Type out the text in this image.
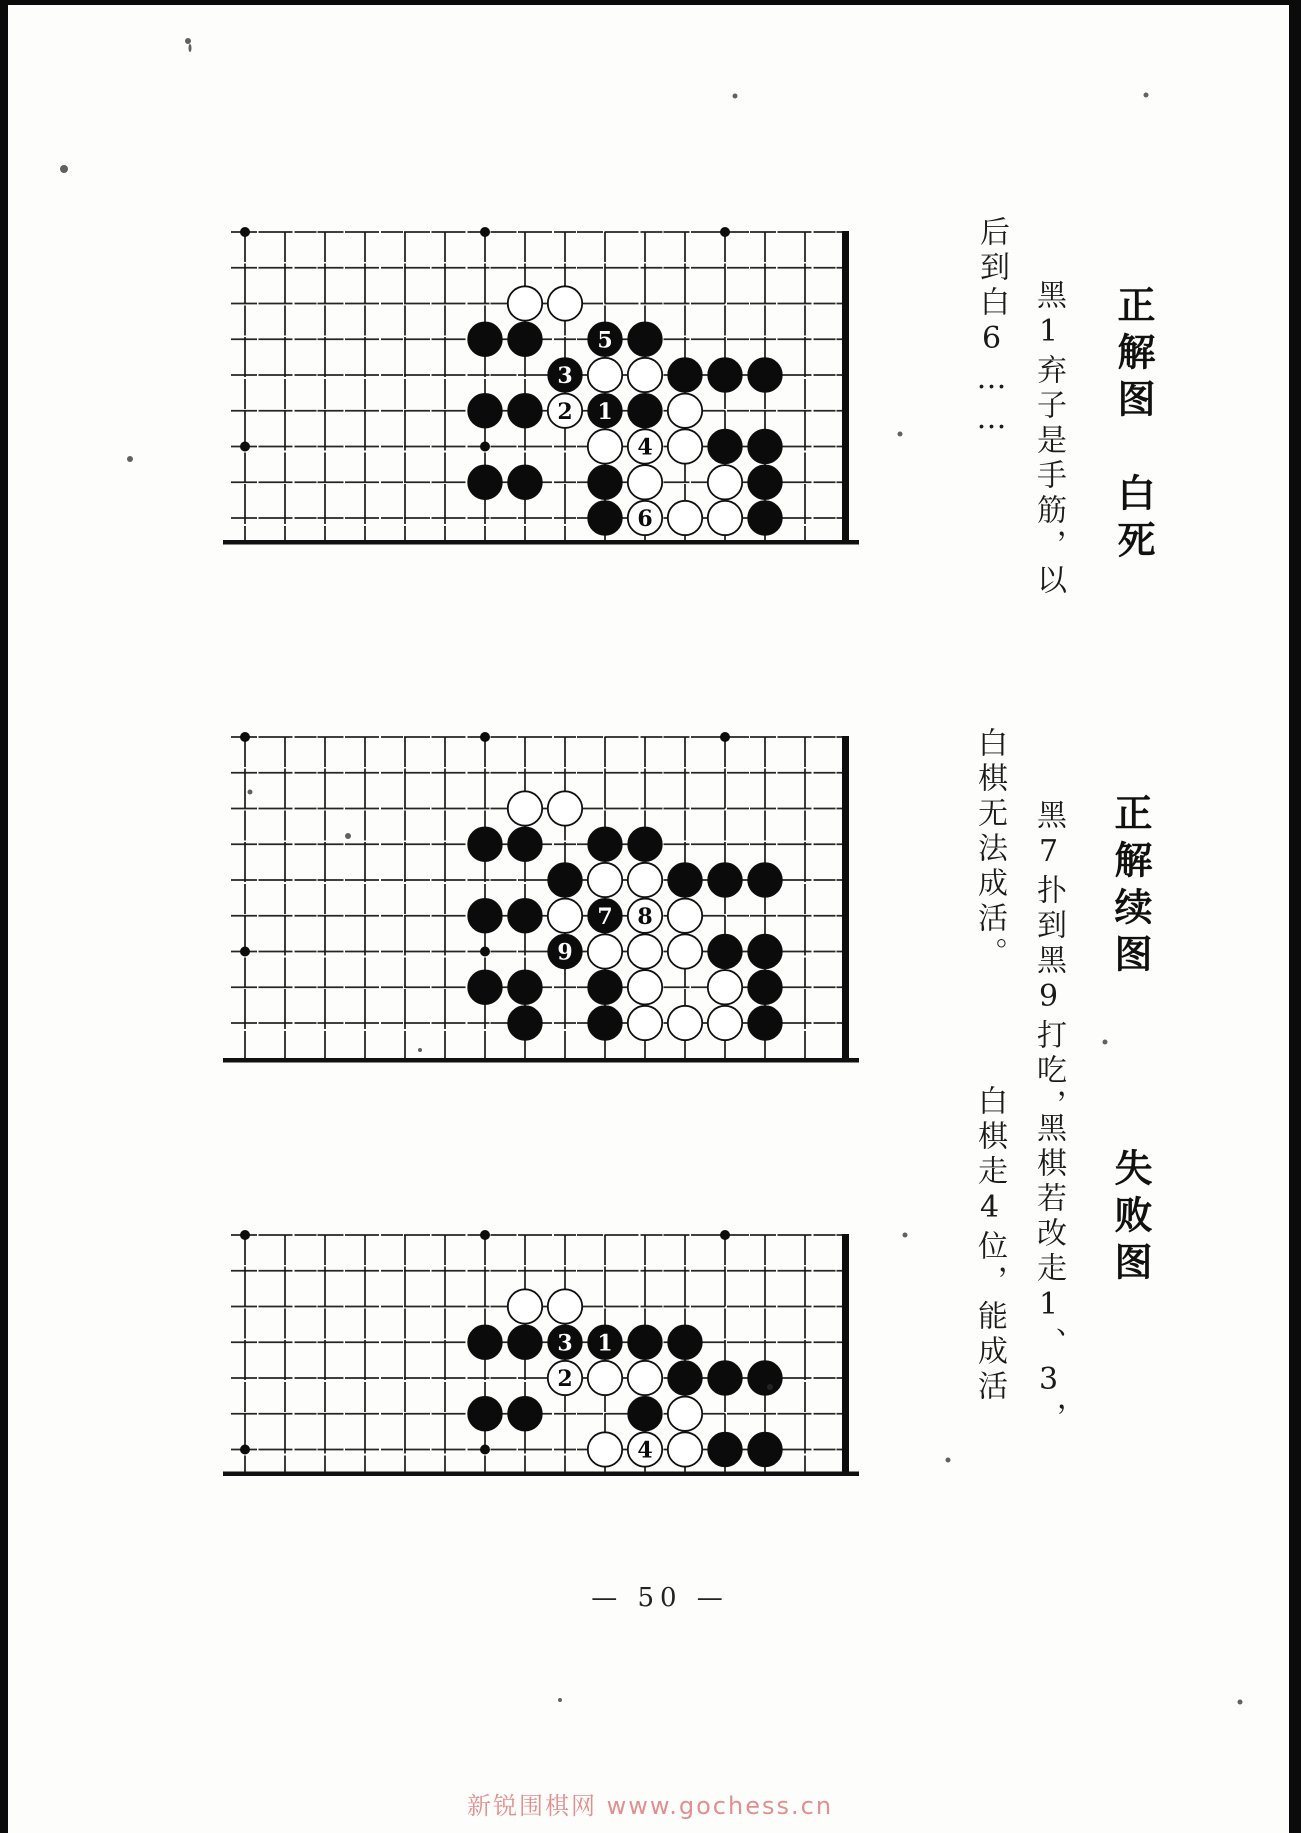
5
3
2 1
4
6	正解图　白死
黑1弃子是手筋，以
后到白6……
7 8
9	正解续图
黑7扑到黑9打吃，
白棋无法成活。
3 1
2
4
失败图
黑棋若改走1、3，
白棋走4位，能成活
— 50 —
新锐围棋网 www.gochess.cn
